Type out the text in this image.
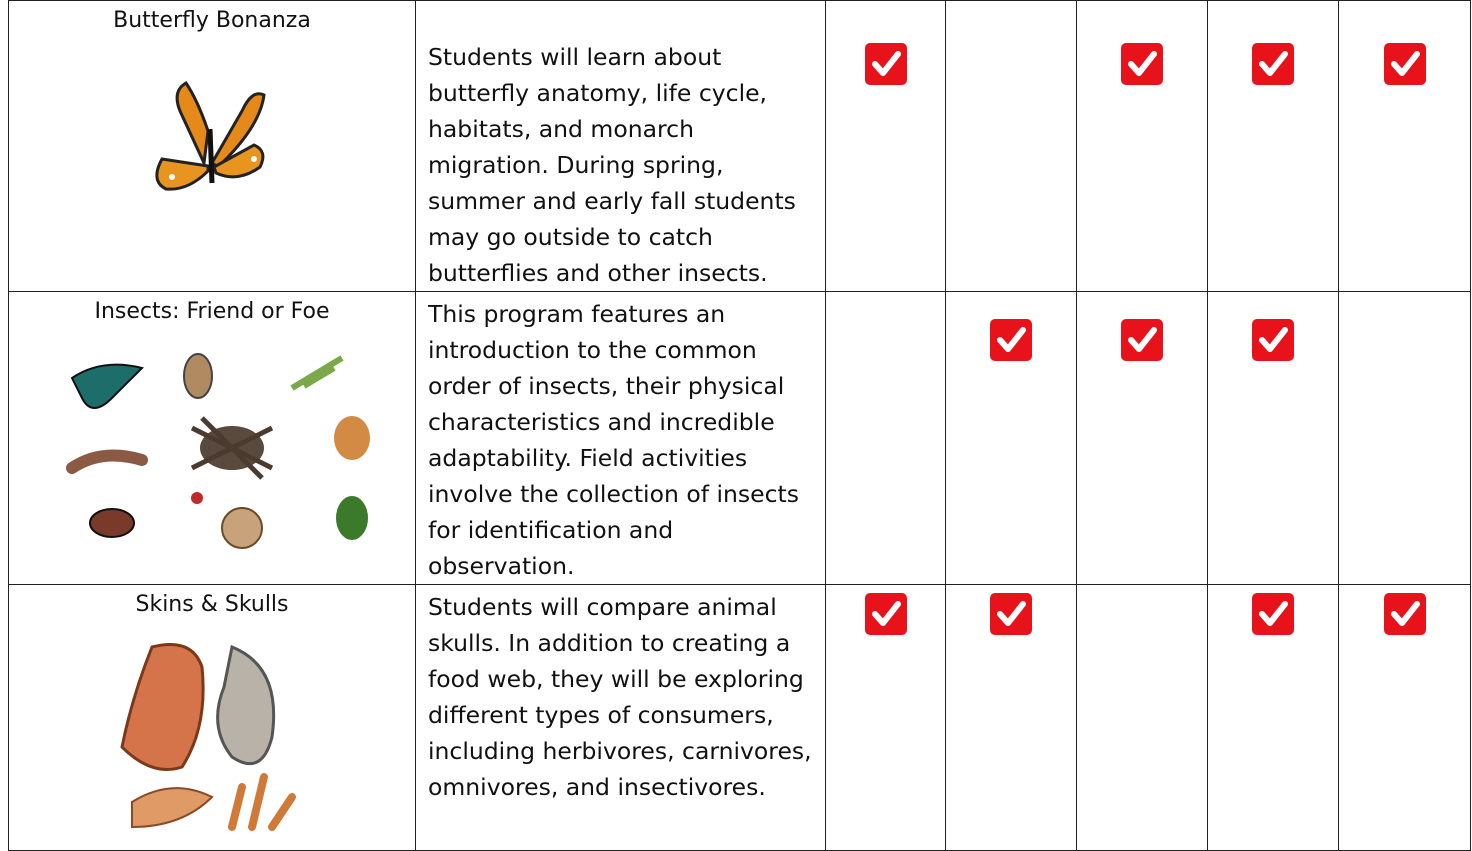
Butterfly Bonanza	Students will learn about butterfly anatomy, life cycle, habitats, and monarch migration. During spring, summer and early fall students may go outside to catch butterflies and other insects.

Insects: Friend or Foe	This program features an introduction to the common order of insects, their physical characteristics and incredible adaptability. Field activities involve the collection of insects for identification and observation.

Skins & Skulls	Students will compare animal skulls. In addition to creating a food web, they will be exploring different types of consumers, including herbivores, carnivores, omnivores, and insectivores.
